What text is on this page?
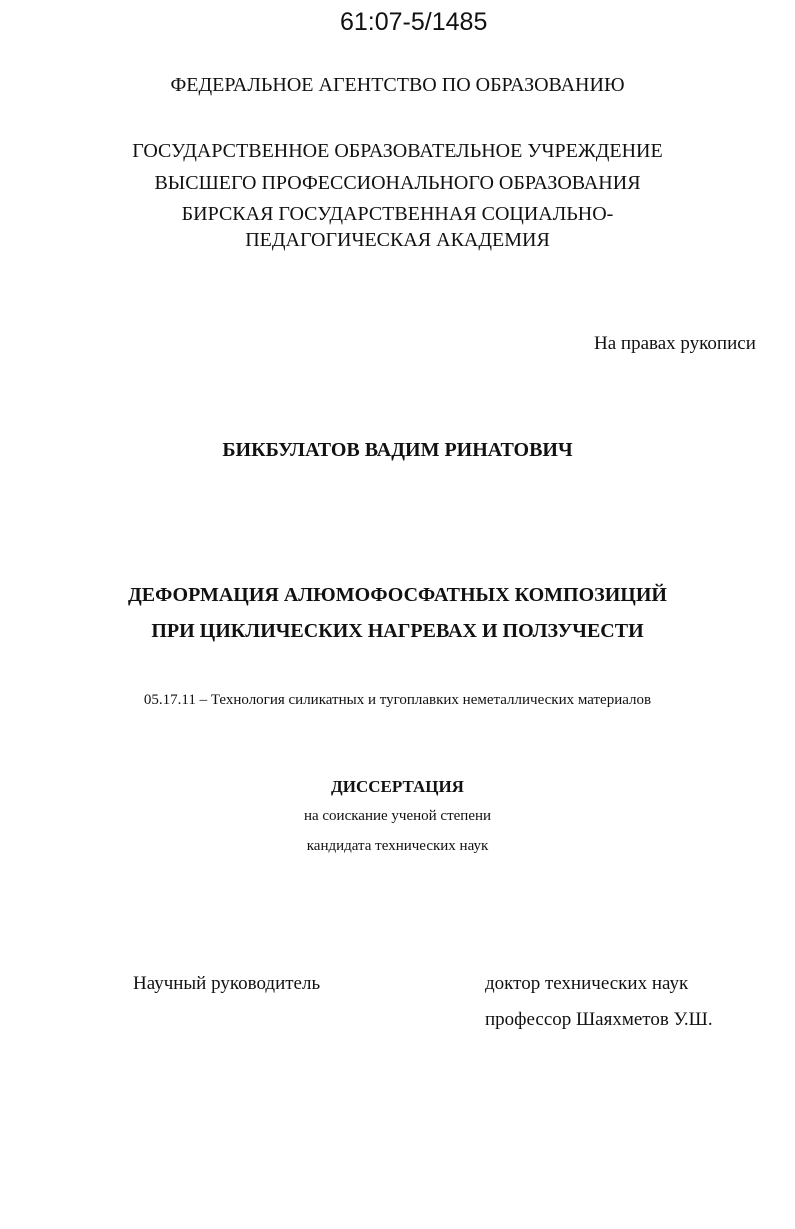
61:07-5/1485
ФЕДЕРАЛЬНОЕ АГЕНТСТВО ПО ОБРАЗОВАНИЮ
ГОСУДАРСТВЕННОЕ ОБРАЗОВАТЕЛЬНОЕ УЧРЕЖДЕНИЕ
ВЫСШЕГО ПРОФЕССИОНАЛЬНОГО ОБРАЗОВАНИЯ
БИРСКАЯ ГОСУДАРСТВЕННАЯ СОЦИАЛЬНО-
ПЕДАГОГИЧЕСКАЯ АКАДЕМИЯ
На правах рукописи
БИКБУЛАТОВ ВАДИМ РИНАТОВИЧ
ДЕФОРМАЦИЯ АЛЮМОФОСФАТНЫХ КОМПОЗИЦИЙ
ПРИ ЦИКЛИЧЕСКИХ НАГРЕВАХ И ПОЛЗУЧЕСТИ
05.17.11 – Технология силикатных и тугоплавких неметаллических материалов
ДИССЕРТАЦИЯ
на соискание ученой степени
кандидата технических наук
Научный руководитель	доктор технических наук
профессор Шаяхметов У.Ш.
